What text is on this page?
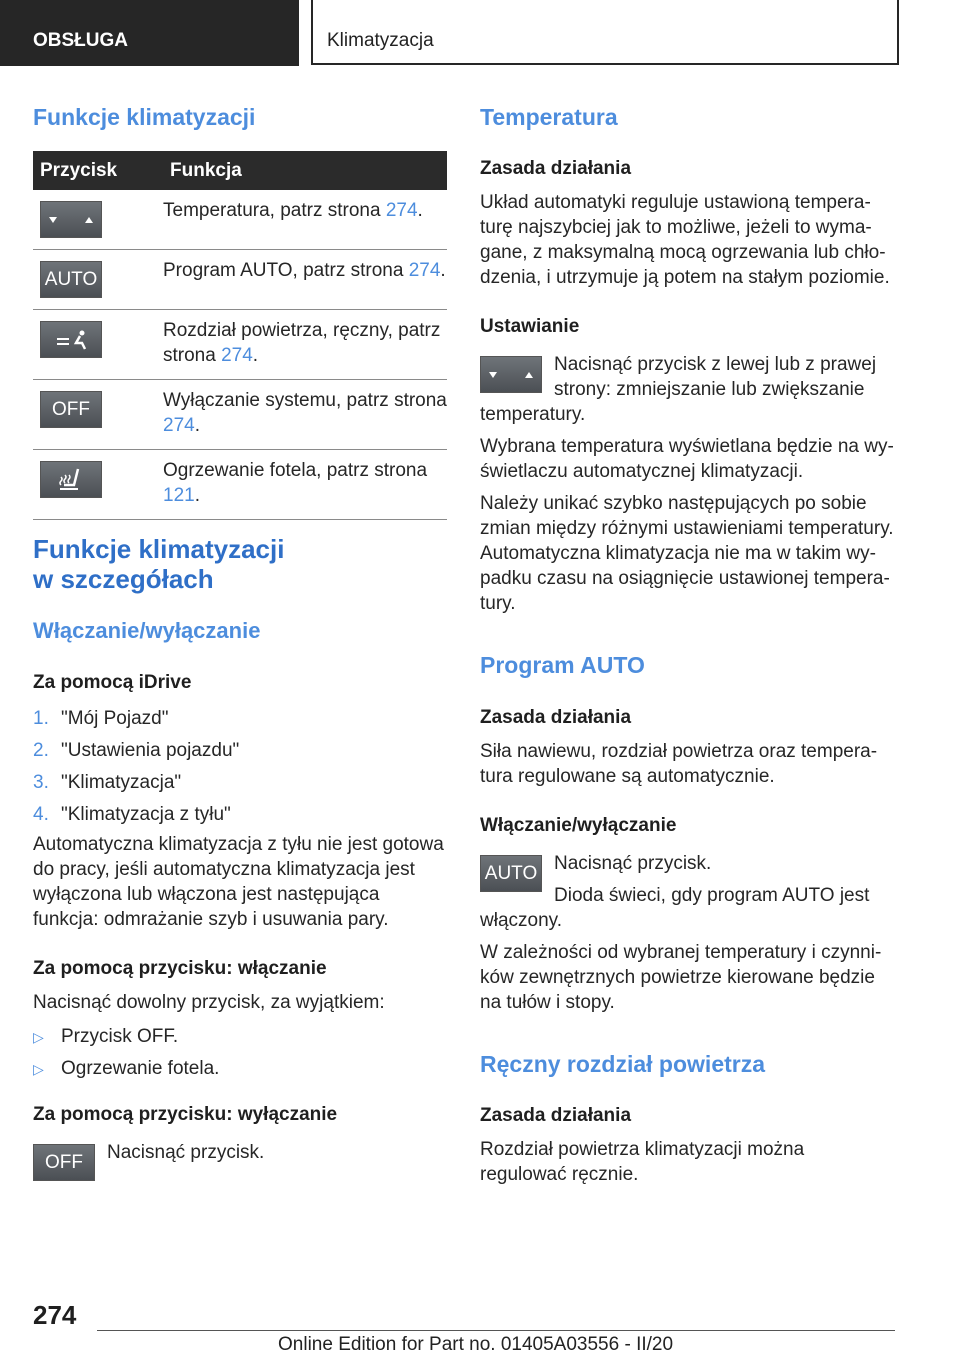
OBSŁUGA	Klimatyzacja
Funkcje klimatyzacji
Przycisk	Funkcja

	Temperatura, patrz strona 274.

AUTO	Program AUTO, patrz strona 274.

	Rozdział powietrza, ręczny, patrz strona 274.

OFF	Wyłączanie systemu, patrz strona 274.

	Ogrzewanie fotela, patrz strona 121.
Funkcje klimatyzacji
w szczegółach
Włączanie/wyłączanie
Za pomocą iDrive
1. "Mój Pojazd"
2. "Ustawienia pojazdu"
3. "Klimatyzacja"
4. "Klimatyzacja z tyłu"
Automatyczna klimatyzacja z tyłu nie jest gotowa do pracy, jeśli automatyczna klimatyzacja jest wyłączona lub włączona jest następująca funkcja: odmrażanie szyb i usuwania pary.
Za pomocą przycisku: włączanie
Nacisnąć dowolny przycisk, za wyjątkiem:
▷ Przycisk OFF.
▷ Ogrzewanie fotela.
Za pomocą przycisku: wyłączanie
OFF Nacisnąć przycisk.
Temperatura
Zasada działania
Układ automatyki reguluje ustawioną temperaturę najszybciej jak to możliwe, jeżeli to wymagane, z maksymalną mocą ogrzewania lub chłodzenia, i utrzymuje ją potem na stałym poziomie.
Ustawianie
Nacisnąć przycisk z lewej lub z prawej strony: zmniejszanie lub zwiększanie
temperatury.
Wybrana temperatura wyświetlana będzie na wyświetlaczu automatycznej klimatyzacji.
Należy unikać szybko następujących po sobie zmian między różnymi ustawieniami temperatury. Automatyczna klimatyzacja nie ma w takim wypadku czasu na osiągnięcie ustawionej temperatury.
Program AUTO
Zasada działania
Siła nawiewu, rozdział powietrza oraz temperatura regulowane są automatycznie.
Włączanie/wyłączanie
AUTO Nacisnąć przycisk.
Dioda świeci, gdy program AUTO jest
włączony.
W zależności od wybranej temperatury i czynników zewnętrznych powietrze kierowane będzie na tułów i stopy.
Ręczny rozdział powietrza
Zasada działania
Rozdział powietrza klimatyzacji można regulować ręcznie.
274
Online Edition for Part no. 01405A03556 - II/20
